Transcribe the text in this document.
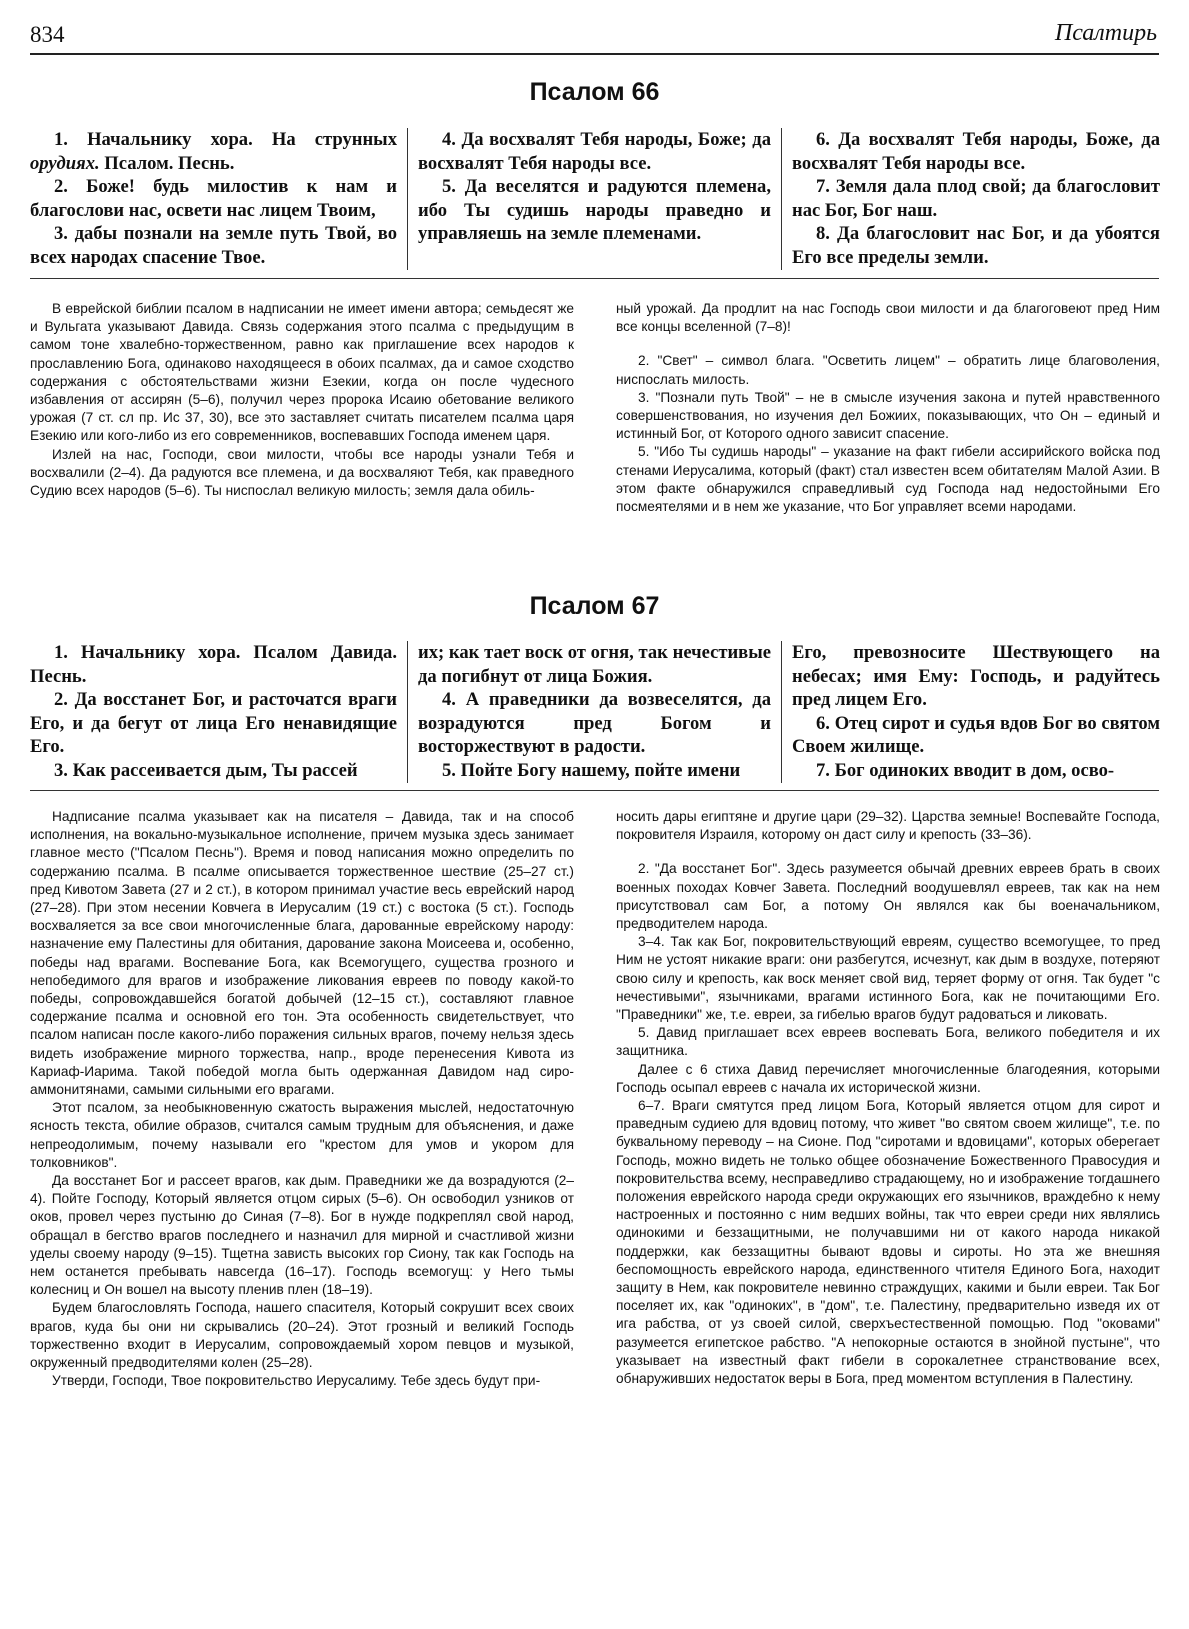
834	Псалтирь
Псалом 66

1. Начальнику хора. На струнных орудиях. Псалом. Песнь.

2. Боже! будь милостив к нам и благослови нас, освети нас лицем Твоим,

3. дабы познали на земле путь Твой, во всех народах спасение Твое.

4. Да восхвалят Тебя народы, Боже; да восхвалят Тебя народы все.

5. Да веселятся и радуются племена, ибо Ты судишь народы праведно и управляешь на земле племенами.

6. Да восхвалят Тебя народы, Боже, да восхвалят Тебя народы все.

7. Земля дала плод свой; да благословит нас Бог, Бог наш.

8. Да благословит нас Бог, и да убоятся Его все пределы земли.

В еврейской библии псалом в надписании не имеет имени автора; семьдесят же и Вульгата указывают Давида. Связь содержания этого псалма с предыдущим в самом тоне хвалебно-торжественном, равно как приглашение всех народов к прославлению Бога, одинаково находящееся в обоих псалмах, да и самое сходство содержания с обстоятельствами жизни Езекии, когда он после чудесного избавления от ассирян (5–6), получил через пророка Исаию обетование великого урожая (7 ст. сл пр. Ис 37, 30), все это заставляет считать писателем псалма царя Езекию или кого-либо из его современников, воспевавших Господа именем царя.

Излей на нас, Господи, свои милости, чтобы все народы узнали Тебя и восхвалили (2–4). Да радуются все племена, и да восхваляют Тебя, как праведного Судию всех народов (5–6). Ты ниспослал великую милость; земля дала обиль-

ный урожай. Да продлит на нас Господь свои милости и да благоговеют пред Ним все концы вселенной (7–8)!

2. "Свет" – символ блага. "Осветить лицем" – обратить лице благоволения, ниспослать милость.

3. "Познали путь Твой" – не в смысле изучения закона и путей нравственного совершенствования, но изучения дел Божиих, показывающих, что Он – единый и истинный Бог, от Которого одного зависит спасение.

5. "Ибо Ты судишь народы" – указание на факт гибели ассирийского войска под стенами Иерусалима, который (факт) стал известен всем обитателям Малой Азии. В этом факте обнаружился справедливый суд Господа над недостойными Его посмеятелями и в нем же указание, что Бог управляет всеми народами.

Псалом 67

1. Начальнику хора. Псалом Давида. Песнь.

2. Да восстанет Бог, и расточатся враги Его, и да бегут от лица Его ненавидящие Его.

3. Как рассеивается дым, Ты рассей

их; как тает воск от огня, так нечестивые да погибнут от лица Божия.

4. А праведники да возвеселятся, да возрадуются пред Богом и восторжествуют в радости.

5. Пойте Богу нашему, пойте имени

Его, превозносите Шествующего на небесах; имя Ему: Господь, и радуйтесь пред лицем Его.

6. Отец сирот и судья вдов Бог во святом Своем жилище.

7. Бог одиноких вводит в дом, осво-

Надписание псалма указывает как на писателя – Давида, так и на способ исполнения, на вокально-музыкальное исполнение, причем музыка здесь занимает главное место ("Псалом Песнь"). Время и повод написания можно определить по содержанию псалма. В псалме описывается торжественное шествие (25–27 ст.) пред Кивотом Завета (27 и 2 ст.), в котором принимал участие весь еврейский народ (27–28). При этом несении Ковчега в Иерусалим (19 ст.) с востока (5 ст.). Господь восхваляется за все свои многочисленные блага, дарованные еврейскому народу: назначение ему Палестины для обитания, дарование закона Моисеева и, особенно, победы над врагами. Воспевание Бога, как Всемогущего, существа грозного и непобедимого для врагов и изображение ликования евреев по поводу какой-то победы, сопровождавшейся богатой добычей (12–15 ст.), составляют главное содержание псалма и основной его тон. Эта особенность свидетельствует, что псалом написан после какого-либо поражения сильных врагов, почему нельзя здесь видеть изображение мирного торжества, напр., вроде перенесения Кивота из Кариаф-Иарима. Такой победой могла быть одержанная Давидом над сиро-аммонитянами, самыми сильными его врагами.

Этот псалом, за необыкновенную сжатость выражения мыслей, недостаточную ясность текста, обилие образов, считался самым трудным для объяснения, и даже непреодолимым, почему называли его "крестом для умов и укором для толковников".

Да восстанет Бог и рассеет врагов, как дым. Праведники же да возрадуются (2–4). Пойте Господу, Который является отцом сирых (5–6). Он освободил узников от оков, провел через пустыню до Синая (7–8). Бог в нужде подкреплял свой народ, обращал в бегство врагов последнего и назначил для мирной и счастливой жизни уделы своему народу (9–15). Тщетна зависть высоких гор Сиону, так как Господь на нем останется пребывать навсегда (16–17). Господь всемогущ: у Него тьмы колесниц и Он вошел на высоту пленив плен (18–19).

Будем благословлять Господа, нашего спасителя, Который сокрушит всех своих врагов, куда бы они ни скрывались (20–24). Этот грозный и великий Господь торжественно входит в Иерусалим, сопровождаемый хором певцов и музыкой, окруженный предводителями колен (25–28).

Утверди, Господи, Твое покровительство Иерусалиму. Тебе здесь будут при-

носить дары египтяне и другие цари (29–32). Царства земные! Воспевайте Господа, покровителя Израиля, которому он даст силу и крепость (33–36).

2. "Да восстанет Бог". Здесь разумеется обычай древних евреев брать в своих военных походах Ковчег Завета. Последний воодушевлял евреев, так как на нем присутствовал сам Бог, а потому Он являлся как бы военачальником, предводителем народа.

3–4. Так как Бог, покровительствующий евреям, существо всемогущее, то пред Ним не устоят никакие враги: они разбегутся, исчезнут, как дым в воздухе, потеряют свою силу и крепость, как воск меняет свой вид, теряет форму от огня. Так будет "с нечестивыми", язычниками, врагами истинного Бога, как не почитающими Его. "Праведники" же, т.е. евреи, за гибелью врагов будут радоваться и ликовать.

5. Давид приглашает всех евреев воспевать Бога, великого победителя и их защитника.

Далее с 6 стиха Давид перечисляет многочисленные благодеяния, которыми Господь осыпал евреев с начала их исторической жизни.

6–7. Враги смятутся пред лицом Бога, Который является отцом для сирот и праведным судиею для вдовиц потому, что живет "во святом своем жилище", т.е. по буквальному переводу – на Сионе. Под "сиротами и вдовицами", которых оберегает Господь, можно видеть не только общее обозначение Божественного Правосудия и покровительства всему, несправедливо страдающему, но и изображение тогдашнего положения еврейского народа среди окружающих его язычников, враждебно к нему настроенных и постоянно с ним ведших войны, так что евреи среди них являлись одинокими и беззащитными, не получавшими ни от какого народа никакой поддержки, как беззащитны бывают вдовы и сироты. Но эта же внешняя беспомощность еврейского народа, единственного чтителя Единого Бога, находит защиту в Нем, как покровителе невинно страждущих, какими и были евреи. Так Бог поселяет их, как "одиноких", в "дом", т.е. Палестину, предварительно изведя их от ига рабства, от уз своей силой, сверхъестественной помощью. Под "оковами" разумеется египетское рабство. "А непокорные остаются в знойной пустыне", что указывает на известный факт гибели в сорокалетнее странствование всех, обнаруживших недостаток веры в Бога, пред моментом вступления в Палестину.
